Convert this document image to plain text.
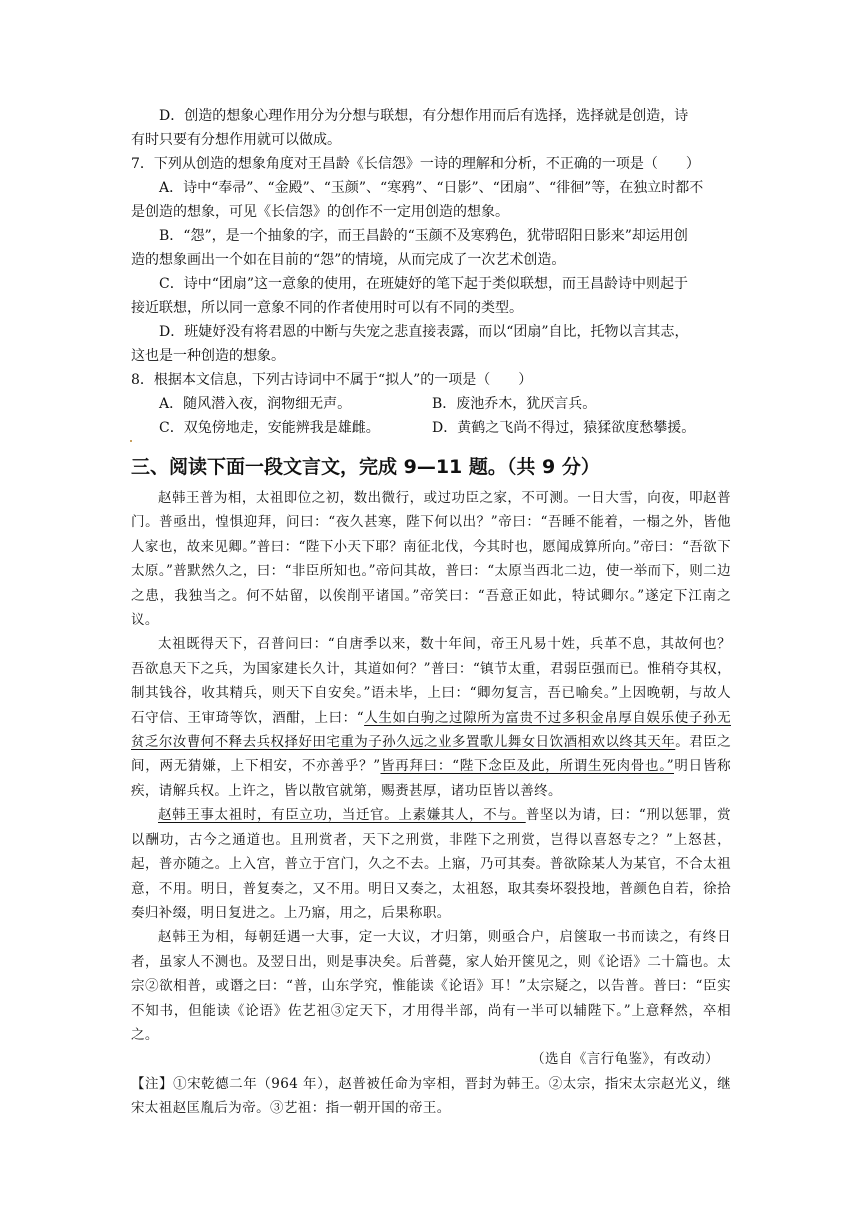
D．创造的想象心理作用分为分想与联想，有分想作用而后有选择，选择就是创造，诗

有时只要有分想作用就可以做成。

7．下列从创造的想象角度对王昌龄《长信怨》一诗的理解和分析，不正确的一项是（　　）

A．诗中“奉帚”、“金殿”、“玉颜”、“寒鸦”、“日影”、“团扇”、“徘徊”等，在独立时都不

是创造的想象，可见《长信怨》的创作不一定用创造的想象。

B．“怨”，是一个抽象的字，而王昌龄的“玉颜不及寒鸦色，犹带昭阳日影来”却运用创

造的想象画出一个如在目前的“怨”的情境，从而完成了一次艺术创造。

C．诗中“团扇”这一意象的使用，在班婕妤的笔下起于类似联想，而王昌龄诗中则起于

接近联想，所以同一意象不同的作者使用时可以有不同的类型。

D．班婕妤没有将君恩的中断与失宠之悲直接表露，而以“团扇”自比，托物以言其志，

这也是一种创造的想象。

8．根据本文信息，下列古诗词中不属于“拟人”的一项是（　　）

A．随风潜入夜，润物细无声。	B．废池乔木，犹厌言兵。
C．双兔傍地走，安能辨我是雄雌。	D．黄鹤之飞尚不得过，猿猱欲度愁攀援。
三、阅读下面一段文言文，完成 9—11 题。（共 9 分）

赵韩王普为相，太祖即位之初，数出微行，或过功臣之家，不可测。一日大雪，向夜，叩赵普门。普亟出，惶惧迎拜，问曰：“夜久甚寒，陛下何以出？”帝曰：“吾睡不能着，一榻之外，皆他人家也，故来见卿。”普曰：“陛下小天下耶？南征北伐，今其时也，愿闻成算所向。”帝曰：“吾欲下太原。”普默然久之，曰：“非臣所知也。”帝问其故，普曰：“太原当西北二边，使一举而下，则二边之患，我独当之。何不姑留，以俟削平诸国。”帝笑曰：“吾意正如此，特试卿尔。”遂定下江南之议。

太祖既得天下，召普问曰：“自唐季以来，数十年间，帝王凡易十姓，兵革不息，其故何也？吾欲息天下之兵，为国家建长久计，其道如何？”普曰：“镇节太重，君弱臣强而已。惟稍夺其权，制其钱谷，收其精兵，则天下自安矣。”语未毕，上曰：“卿勿复言，吾已喻矣。”上因晚朝，与故人石守信、王审琦等饮，酒酣，上曰：“人生如白驹之过隙所为富贵不过多积金帛厚自娱乐使子孙无贫乏尔汝曹何不释去兵权择好田宅重为子孙久远之业多置歌儿舞女日饮酒相欢以终其天年。君臣之间，两无猜嫌，上下相安，不亦善乎？”皆再拜曰：“陛下念臣及此，所谓生死肉骨也。”明日皆称疾，请解兵权。上许之，皆以散官就第，赐赉甚厚，诸功臣皆以善终。

赵韩王事太祖时，有臣立功，当迁官。上素嫌其人，不与。普坚以为请，曰：“刑以惩罪，赏以酬功，古今之通道也。且刑赏者，天下之刑赏，非陛下之刑赏，岂得以喜怒专之？”上怒甚，起，普亦随之。上入宫，普立于宫门，久之不去。上寤，乃可其奏。普欲除某人为某官，不合太祖意，不用。明日，普复奏之，又不用。明日又奏之，太祖怒，取其奏坏裂投地，普颜色自若，徐拾奏归补缀，明日复进之。上乃寤，用之，后果称职。

赵韩王为相，每朝廷遇一大事，定一大议，才归第，则亟合户，启箧取一书而读之，有终日者，虽家人不测也。及翌日出，则是事决矣。后普薨，家人始开箧见之，则《论语》二十篇也。太宗②欲相普，或谮之曰：“普，山东学究，惟能读《论语》耳！”太宗疑之，以告普。普曰：“臣实不知书，但能读《论语》佐艺祖③定天下，才用得半部，尚有一半可以辅陛下。”上意释然，卒相之。

（选自《言行龟鉴》，有改动）

【注】①宋乾德二年（964 年），赵普被任命为宰相，晋封为韩王。②太宗，指宋太宗赵光义，继宋太祖赵匡胤后为帝。③艺祖：指一朝开国的帝王。
